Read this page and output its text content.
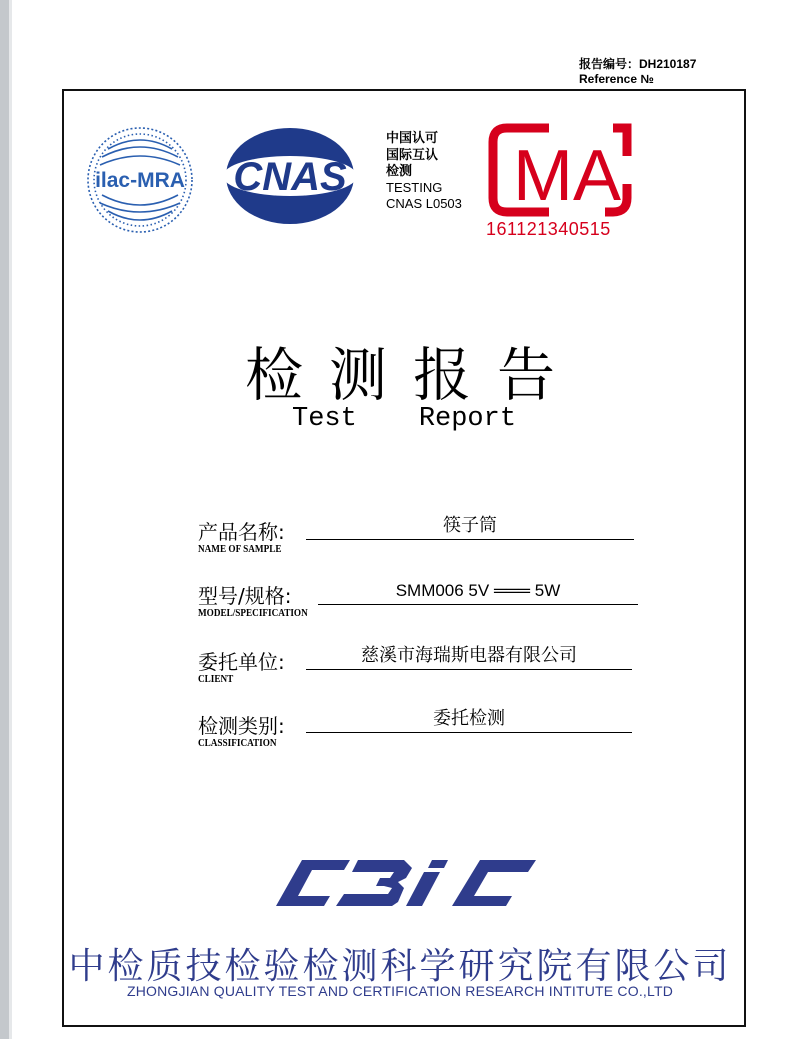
报告编号：DH210187
Reference №
ilac-MRA CNAS
中国认可
国际互认
检测
TESTING
CNAS L0503 MA
161121340515
检测报告
Test Report
产品名称:
NAME OF SAMPLE
筷子筒
型号/规格:
MODEL/SPECIFICATION
SMM006 5V ═══ 5W
委托单位:
CLIENT
慈溪市海瑞斯电器有限公司
检测类别:
CLASSIFICATION
委托检测
CBiC
中检质技检验检测科学研究院有限公司
ZHONGJIAN QUALITY TEST AND CERTIFICATION RESEARCH INTITUTE CO.,LTD
